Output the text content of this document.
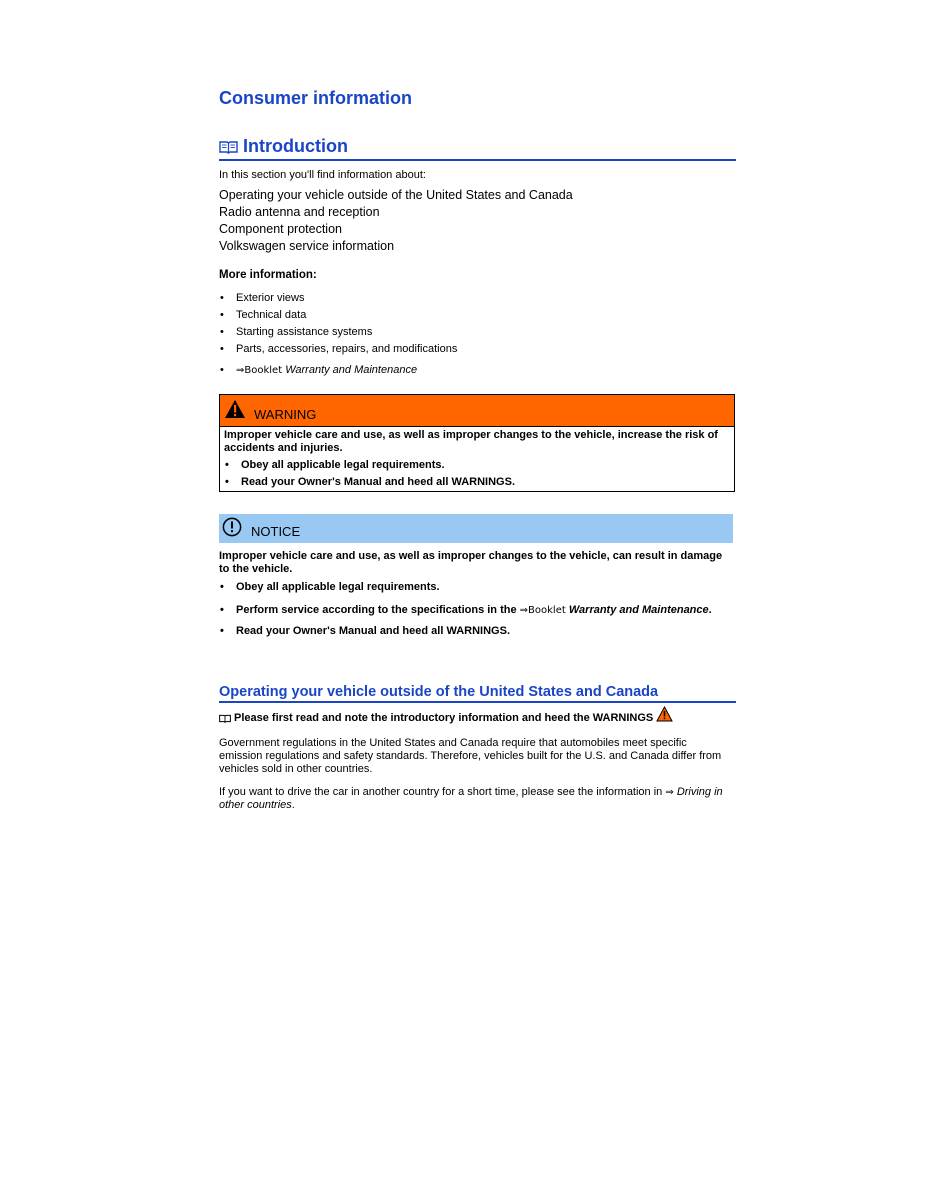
Consumer information
Introduction
In this section you'll find information about:
Operating your vehicle outside of the United States and Canada
Radio antenna and reception
Component protection
Volkswagen service information
More information:
• Exterior views
• Technical data
• Starting assistance systems
• Parts, accessories, repairs, and modifications
• ⇒Booklet Warranty and Maintenance
WARNING
Improper vehicle care and use, as well as improper changes to the vehicle, increase the risk of accidents and injuries.
• Obey all applicable legal requirements.
• Read your Owner's Manual and heed all WARNINGS.
NOTICE
Improper vehicle care and use, as well as improper changes to the vehicle, can result in damage to the vehicle.
• Obey all applicable legal requirements.
• Perform service according to the specifications in the ⇒Booklet Warranty and Maintenance.
• Read your Owner's Manual and heed all WARNINGS.
Operating your vehicle outside of the United States and Canada
Please first read and note the introductory information and heed the WARNINGS

Government regulations in the United States and Canada require that automobiles meet specific emission regulations and safety standards. Therefore, vehicles built for the U.S. and Canada differ from vehicles sold in other countries.

If you want to drive the car in another country for a short time, please see the information in ⇒ Driving in other countries.
